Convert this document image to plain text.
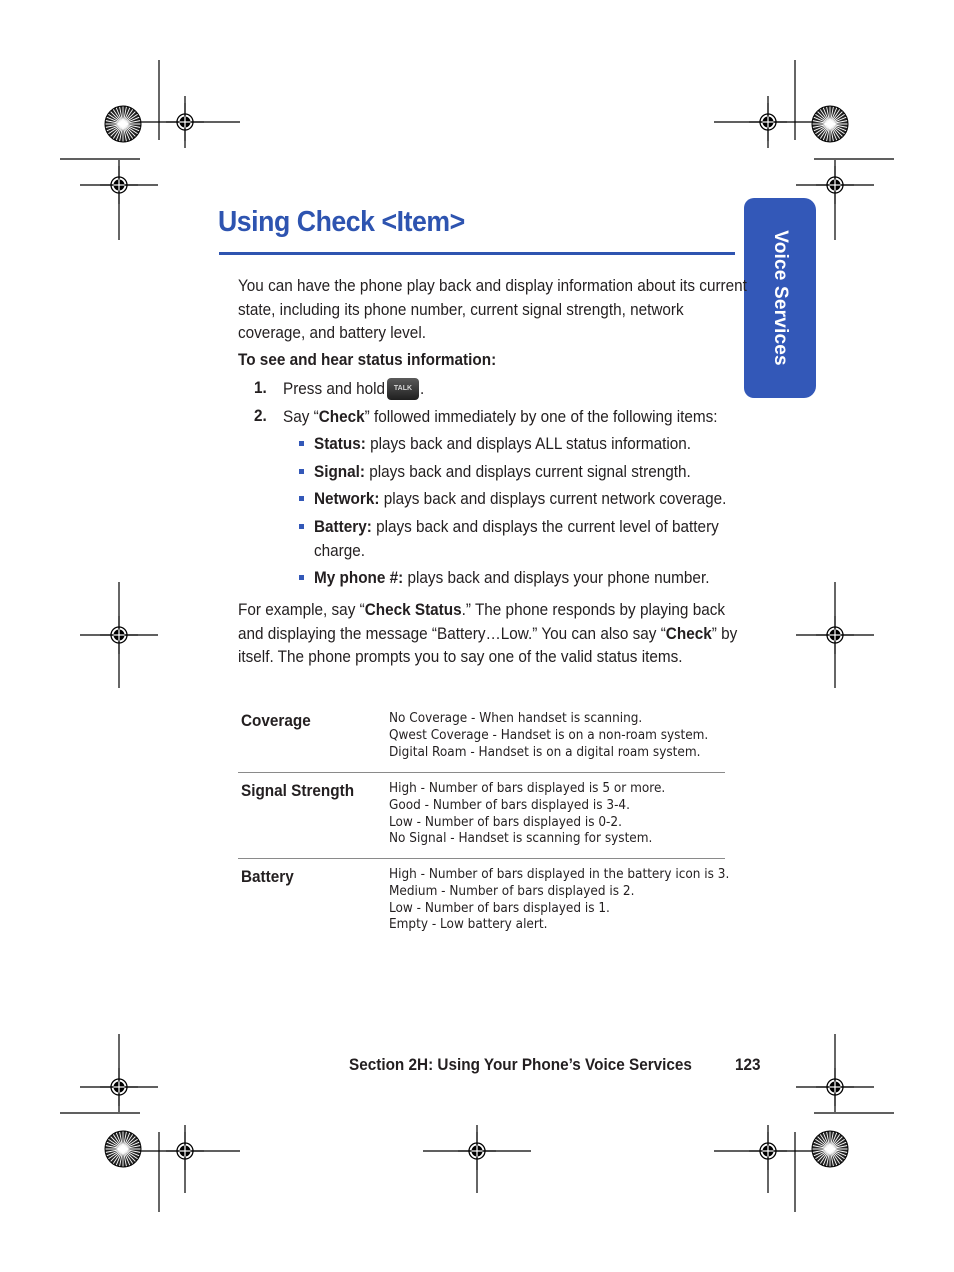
Voice Services
Using Check <Item>
You can have the phone play back and display information about its current
state, including its phone number, current signal strength, network
coverage, and battery level.
To see and hear status information:
1. Press and hold	TALK .
2. Say “Check” followed immediately by one of the following items:
Status: plays back and displays ALL status information.
Signal: plays back and displays current signal strength.
Network: plays back and displays current network coverage.
Battery: plays back and displays the current level of battery
charge.
My phone #: plays back and displays your phone number.
For example, say “Check Status.” The phone responds by playing back
and displaying the message “Battery…Low.” You can also say “Check” by
itself. The phone prompts you to say one of the valid status items.
Coverage	No Coverage - When handset is scanning.
Qwest Coverage - Handset is on a non-roam system.
Digital Roam - Handset is on a digital roam system.
Signal Strength	High - Number of bars displayed is 5 or more.
Good - Number of bars displayed is 3-4.
Low - Number of bars displayed is 0-2.
No Signal - Handset is scanning for system.
Battery	High - Number of bars displayed in the battery icon is 3.
Medium - Number of bars displayed is 2.
Low - Number of bars displayed is 1.
Empty - Low battery alert.
Section 2H: Using Your Phone’s Voice Services	123
